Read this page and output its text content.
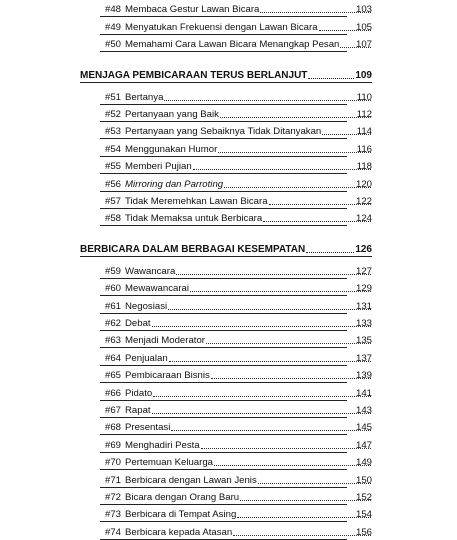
#48 Membaca Gestur Lawan Bicara	103
#49 Menyatukan Frekuensi dengan Lawan Bicara	105
#50 Memahami Cara Lawan Bicara Menangkap Pesan 107
MENJAGA PEMBICARAAN TERUS BERLANJUT	109
#51 Bertanya	110
#52 Pertanyaan yang Baik	112
#53 Pertanyaan yang Sebaiknya Tidak Ditanyakan	114
#54 Menggunakan Humor	116
#55 Memberi Pujian	118
#56 Mirroring dan Parroting	120
#57 Tidak Meremehkan Lawan Bicara	122
#58 Tidak Memaksa untuk Berbicara	124
BERBICARA DALAM BERBAGAI KESEMPATAN	126
#59 Wawancara	127
#60 Mewawancarai	129
#61 Negosiasi	131
#62 Debat	133
#63 Menjadi Moderator	135
#64 Penjualan	137
#65 Pembicaraan Bisnis	139
#66 Pidato	141
#67 Rapat	143
#68 Presentasi	145
#69 Menghadiri Pesta	147
#70 Pertemuan Keluarga	149
#71 Berbicara dengan Lawan Jenis	150
#72 Bicara dengan Orang Baru	152
#73 Berbicara di Tempat Asing	154
#74 Berbicara kepada Atasan	156
